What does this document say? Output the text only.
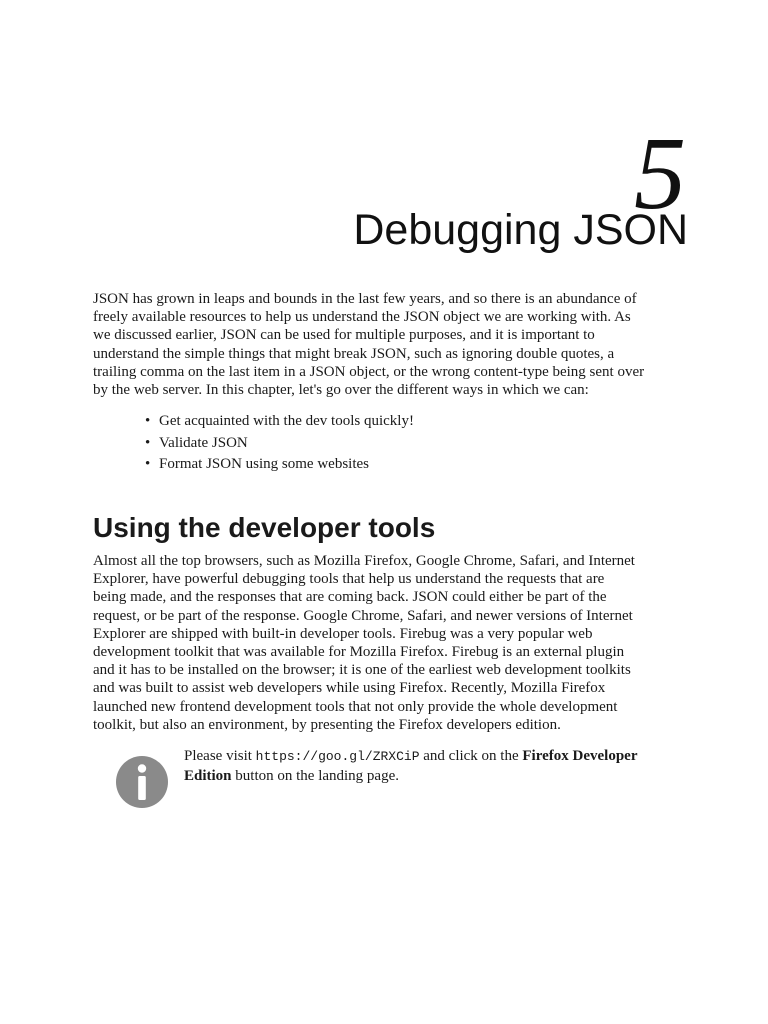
5
Debugging JSON

JSON has grown in leaps and bounds in the last few years, and so there is an abundance of
freely available resources to help us understand the JSON object we are working with. As
we discussed earlier, JSON can be used for multiple purposes, and it is important to
understand the simple things that might break JSON, such as ignoring double quotes, a
trailing comma on the last item in a JSON object, or the wrong content-type being sent over
by the web server. In this chapter, let's go over the different ways in which we can:

• Get acquainted with the dev tools quickly!
• Validate JSON
• Format JSON using some websites
Using the developer tools

Almost all the top browsers, such as Mozilla Firefox, Google Chrome, Safari, and Internet
Explorer, have powerful debugging tools that help us understand the requests that are
being made, and the responses that are coming back. JSON could either be part of the
request, or be part of the response. Google Chrome, Safari, and newer versions of Internet
Explorer are shipped with built-in developer tools. Firebug was a very popular web
development toolkit that was available for Mozilla Firefox. Firebug is an external plugin
and it has to be installed on the browser; it is one of the earliest web development toolkits
and was built to assist web developers while using Firefox. Recently, Mozilla Firefox
launched new frontend development tools that not only provide the whole development
toolkit, but also an environment, by presenting the Firefox developers edition.

Please visit https://goo.gl/ZRXCiP and click on the Firefox Developer Edition button on the landing page.
